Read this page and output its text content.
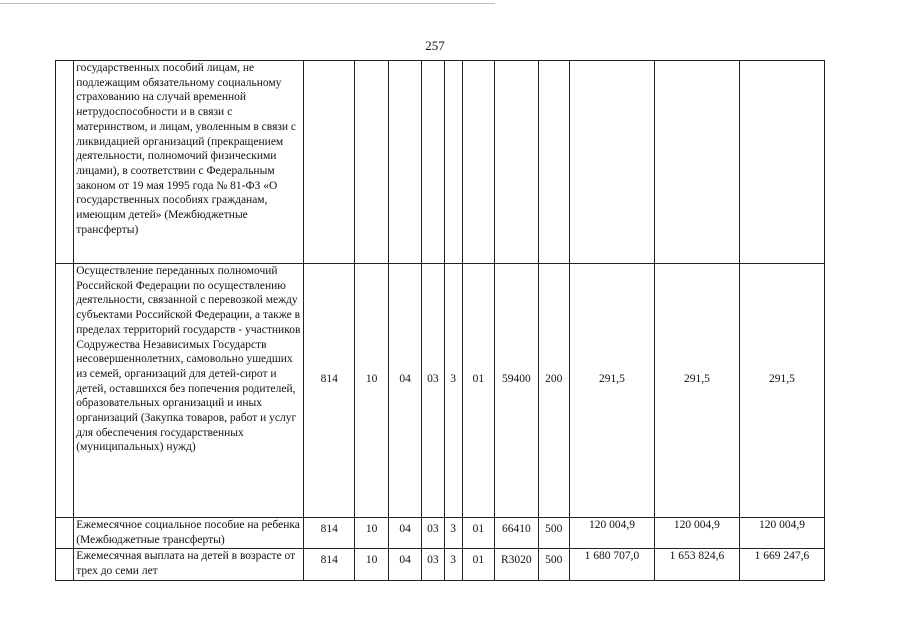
257
	государственных пособий лицам, не подлежащим обязательному социальному страхованию на случай временной нетрудоспособности и в связи с материнством, и лицам, уволенным в связи с ликвидацией организаций (прекращением деятельности, полномочий физическими лицами), в соответствии с Федеральным законом от 19 мая 1995 года № 81-ФЗ «О государственных пособиях гражданам, имеющим детей» (Межбюджетные трансферты)											
	Осуществление переданных полномочий Российской Федерации по осуществлению деятельности, связанной с перевозкой между субъектами Российской Федерации, а также в пределах территорий государств - участников Содружества Независимых Государств несовершеннолетних, самовольно ушедших из семей, организаций для детей-сирот и детей, оставшихся без попечения родителей, образовательных организаций и иных организаций (Закупка товаров, работ и услуг для обеспечения государственных (муниципальных) нужд)	814	10	04	03	3	01	59400	200	291,5	291,5	291,5
	Ежемесячное социальное пособие на ребенка (Межбюджетные трансферты)	814	10	04	03	3	01	66410	500	120 004,9	120 004,9	120 004,9
	Ежемесячная выплата на детей в возрасте от трех до семи лет	814	10	04	03	3	01	R3020	500	1 680 707,0	1 653 824,6	1 669 247,6
